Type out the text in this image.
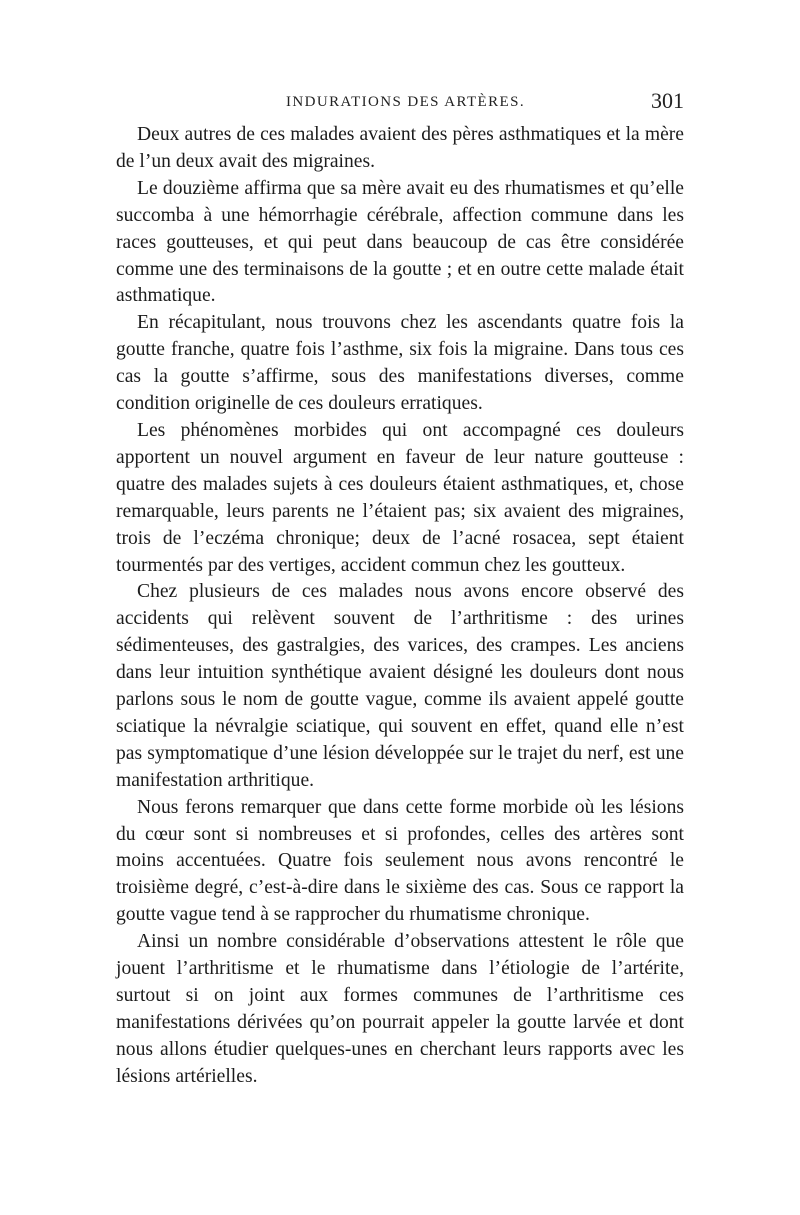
INDURATIONS DES ARTÈRES.	301

Deux autres de ces malades avaient des pères asthmatiques et la mère de l’un deux avait des migraines.

Le douzième affirma que sa mère avait eu des rhumatismes et qu’elle succomba à une hémorrhagie cérébrale, affection commune dans les races goutteuses, et qui peut dans beaucoup de cas être considérée comme une des terminaisons de la goutte ; et en outre cette malade était asthmatique.

En récapitulant, nous trouvons chez les ascendants quatre fois la goutte franche, quatre fois l’asthme, six fois la migraine. Dans tous ces cas la goutte s’affirme, sous des manifestations diverses, comme condition originelle de ces douleurs erratiques.

Les phénomènes morbides qui ont accompagné ces douleurs apportent un nouvel argument en faveur de leur nature goutteuse : quatre des malades sujets à ces douleurs étaient asthmatiques, et, chose remarquable, leurs parents ne l’étaient pas; six avaient des migraines, trois de l’eczéma chronique; deux de l’acné rosacea, sept étaient tourmentés par des vertiges, accident commun chez les goutteux.

Chez plusieurs de ces malades nous avons encore observé des accidents qui relèvent souvent de l’arthritisme : des urines sédimenteuses, des gastralgies, des varices, des crampes. Les anciens dans leur intuition synthétique avaient désigné les douleurs dont nous parlons sous le nom de goutte vague, comme ils avaient appelé goutte sciatique la névralgie sciatique, qui souvent en effet, quand elle n’est pas symptomatique d’une lésion développée sur le trajet du nerf, est une manifestation arthritique.

Nous ferons remarquer que dans cette forme morbide où les lésions du cœur sont si nombreuses et si profondes, celles des artères sont moins accentuées. Quatre fois seulement nous avons rencontré le troisième degré, c’est-à-dire dans le sixième des cas. Sous ce rapport la goutte vague tend à se rapprocher du rhumatisme chronique.

Ainsi un nombre considérable d’observations attestent le rôle que jouent l’arthritisme et le rhumatisme dans l’étiologie de l’artérite, surtout si on joint aux formes communes de l’arthritisme ces manifestations dérivées qu’on pourrait appeler la goutte larvée et dont nous allons étudier quelques-unes en cherchant leurs rapports avec les lésions artérielles.
